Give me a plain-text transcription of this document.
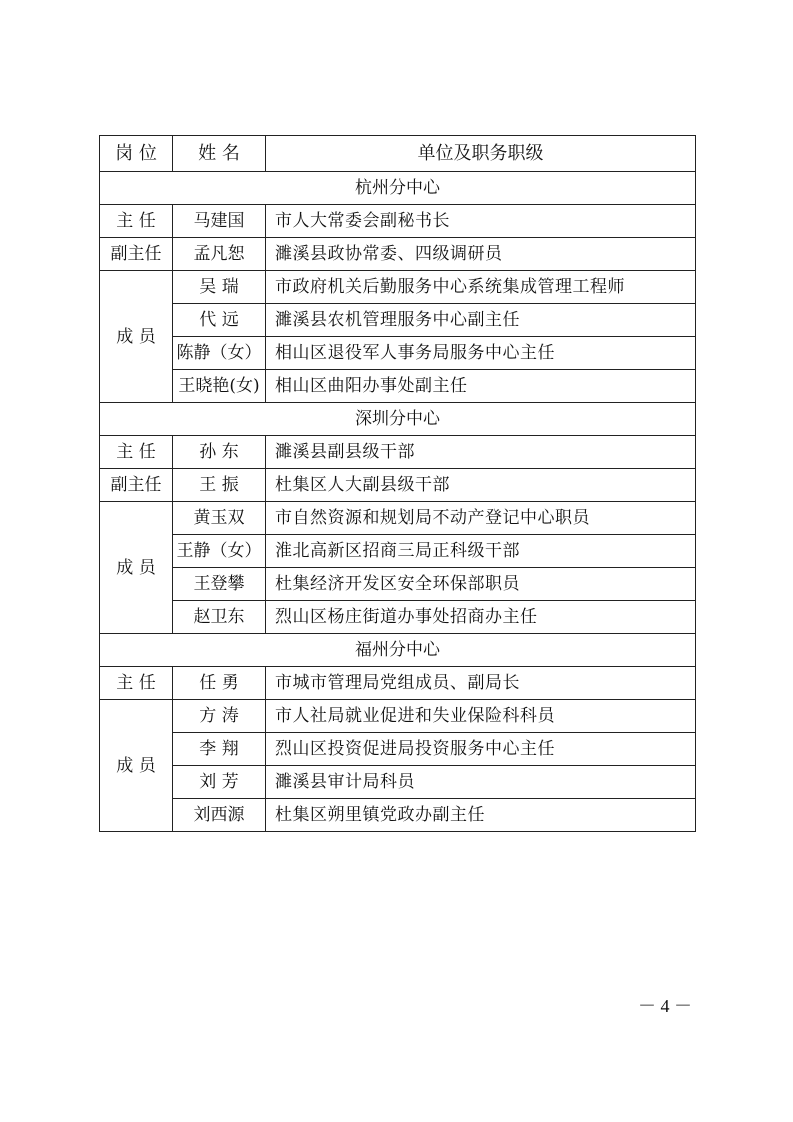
岗 位	姓 名	单位及职务职级
杭州分中心		
主 任	马建国	市人大常委会副秘书长
副主任	孟凡恕	濉溪县政协常委、四级调研员
成 员	吴 瑞	市政府机关后勤服务中心系统集成管理工程师
	代 远	濉溪县农机管理服务中心副主任
	陈静（女）	相山区退役军人事务局服务中心主任
	王晓艳(女)	相山区曲阳办事处副主任
深圳分中心		
主 任	孙 东	濉溪县副县级干部
副主任	王 振	杜集区人大副县级干部
成 员	黄玉双	市自然资源和规划局不动产登记中心职员
	王静（女）	淮北高新区招商三局正科级干部
	王登攀	杜集经济开发区安全环保部职员
	赵卫东	烈山区杨庄街道办事处招商办主任
福州分中心		
主 任	任 勇	市城市管理局党组成员、副局长
成 员	方 涛	市人社局就业促进和失业保险科科员
	李 翔	烈山区投资促进局投资服务中心主任
	刘 芳	濉溪县审计局科员
	刘西源	杜集区朔里镇党政办副主任
－ 4 －
